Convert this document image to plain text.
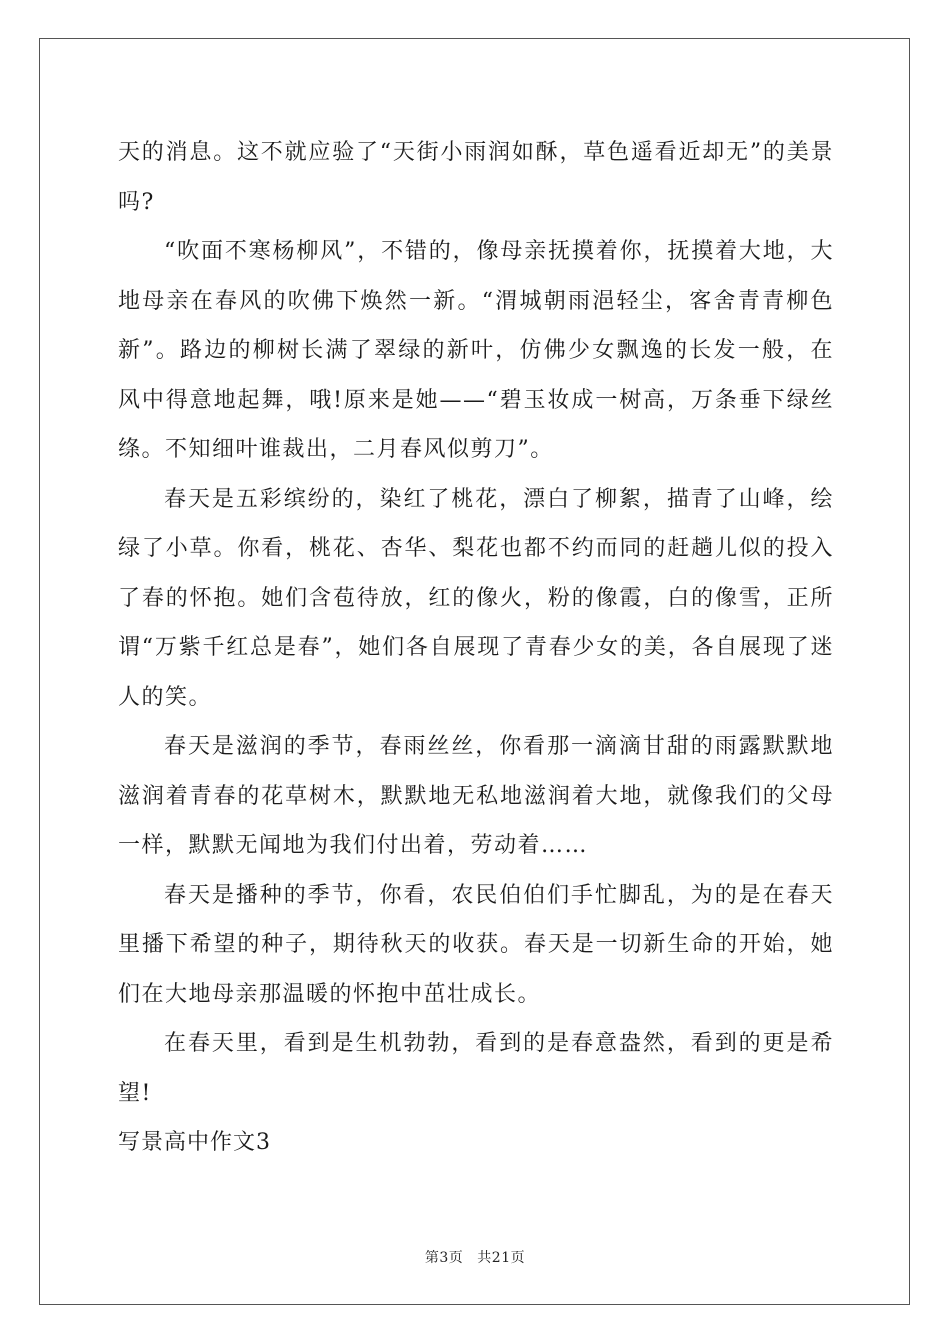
天的消息。这不就应验了“天街小雨润如酥，草色遥看近却无”的美景吗?

“吹面不寒杨柳风”，不错的，像母亲抚摸着你，抚摸着大地，大地母亲在春风的吹佛下焕然一新。“渭城朝雨浥轻尘，客舍青青柳色新”。路边的柳树长满了翠绿的新叶，仿佛少女飘逸的长发一般，在风中得意地起舞，哦!原来是她——“碧玉妆成一树高，万条垂下绿丝绦。不知细叶谁裁出，二月春风似剪刀”。

春天是五彩缤纷的，染红了桃花，漂白了柳絮，描青了山峰，绘绿了小草。你看，桃花、杏华、梨花也都不约而同的赶趟儿似的投入了春的怀抱。她们含苞待放，红的像火，粉的像霞，白的像雪，正所谓“万紫千红总是春”，她们各自展现了青春少女的美，各自展现了迷人的笑。

春天是滋润的季节，春雨丝丝，你看那一滴滴甘甜的雨露默默地滋润着青春的花草树木，默默地无私地滋润着大地，就像我们的父母一样，默默无闻地为我们付出着，劳动着……

春天是播种的季节，你看，农民伯伯们手忙脚乱，为的是在春天里播下希望的种子，期待秋天的收获。春天是一切新生命的开始，她们在大地母亲那温暖的怀抱中茁壮成长。

在春天里，看到是生机勃勃，看到的是春意盎然，看到的更是希望!

写景高中作文3

第3页 共21页
